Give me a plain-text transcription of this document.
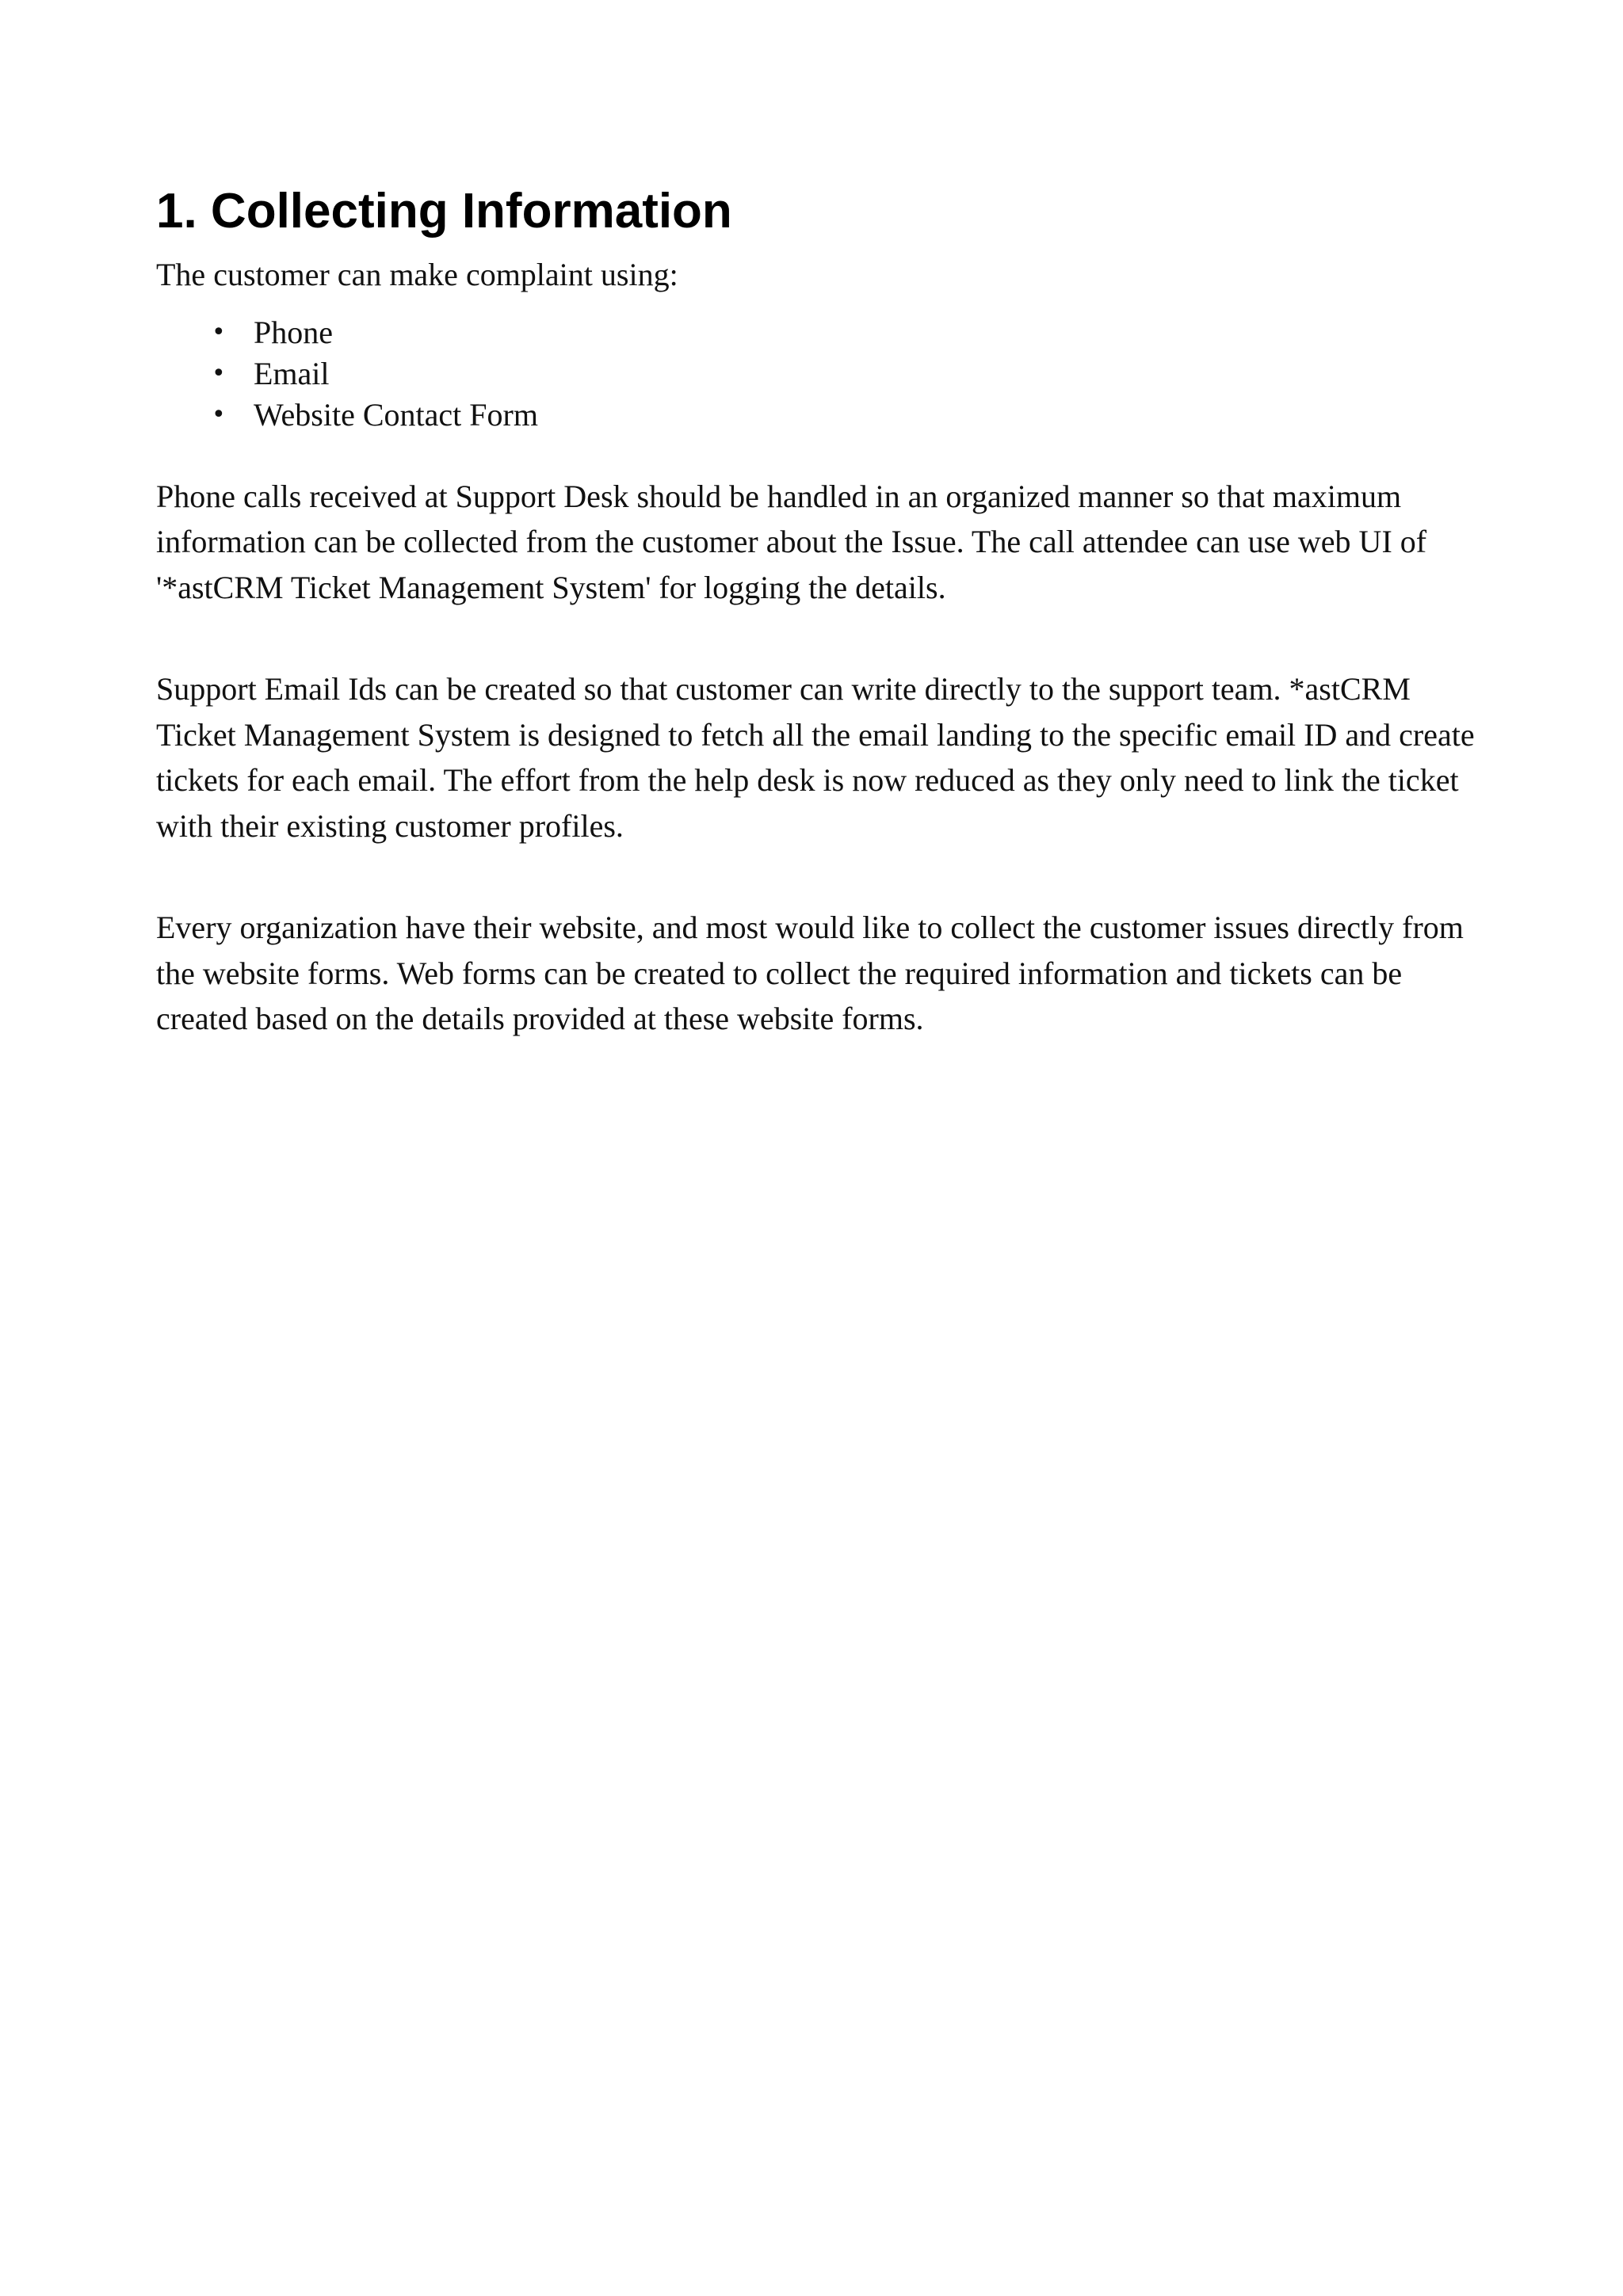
1. Collecting Information

The customer can make complaint using:

• Phone
• Email
• Website Contact Form

Phone calls received at Support Desk should be handled in an organized manner so that maximum information can be collected from the customer about the Issue. The call attendee can use web UI of '*astCRM Ticket Management System' for logging the details.

Support Email Ids can be created so that customer can write directly to the support team. *astCRM Ticket Management System is designed to fetch all the email landing to the specific email ID and create tickets for each email. The effort from the help desk is now reduced as they only need to link the ticket with their existing customer profiles.

Every organization have their website, and most would like to collect the customer issues directly from the website forms. Web forms can be created to collect the required information and tickets can be created based on the details provided at these website forms.
